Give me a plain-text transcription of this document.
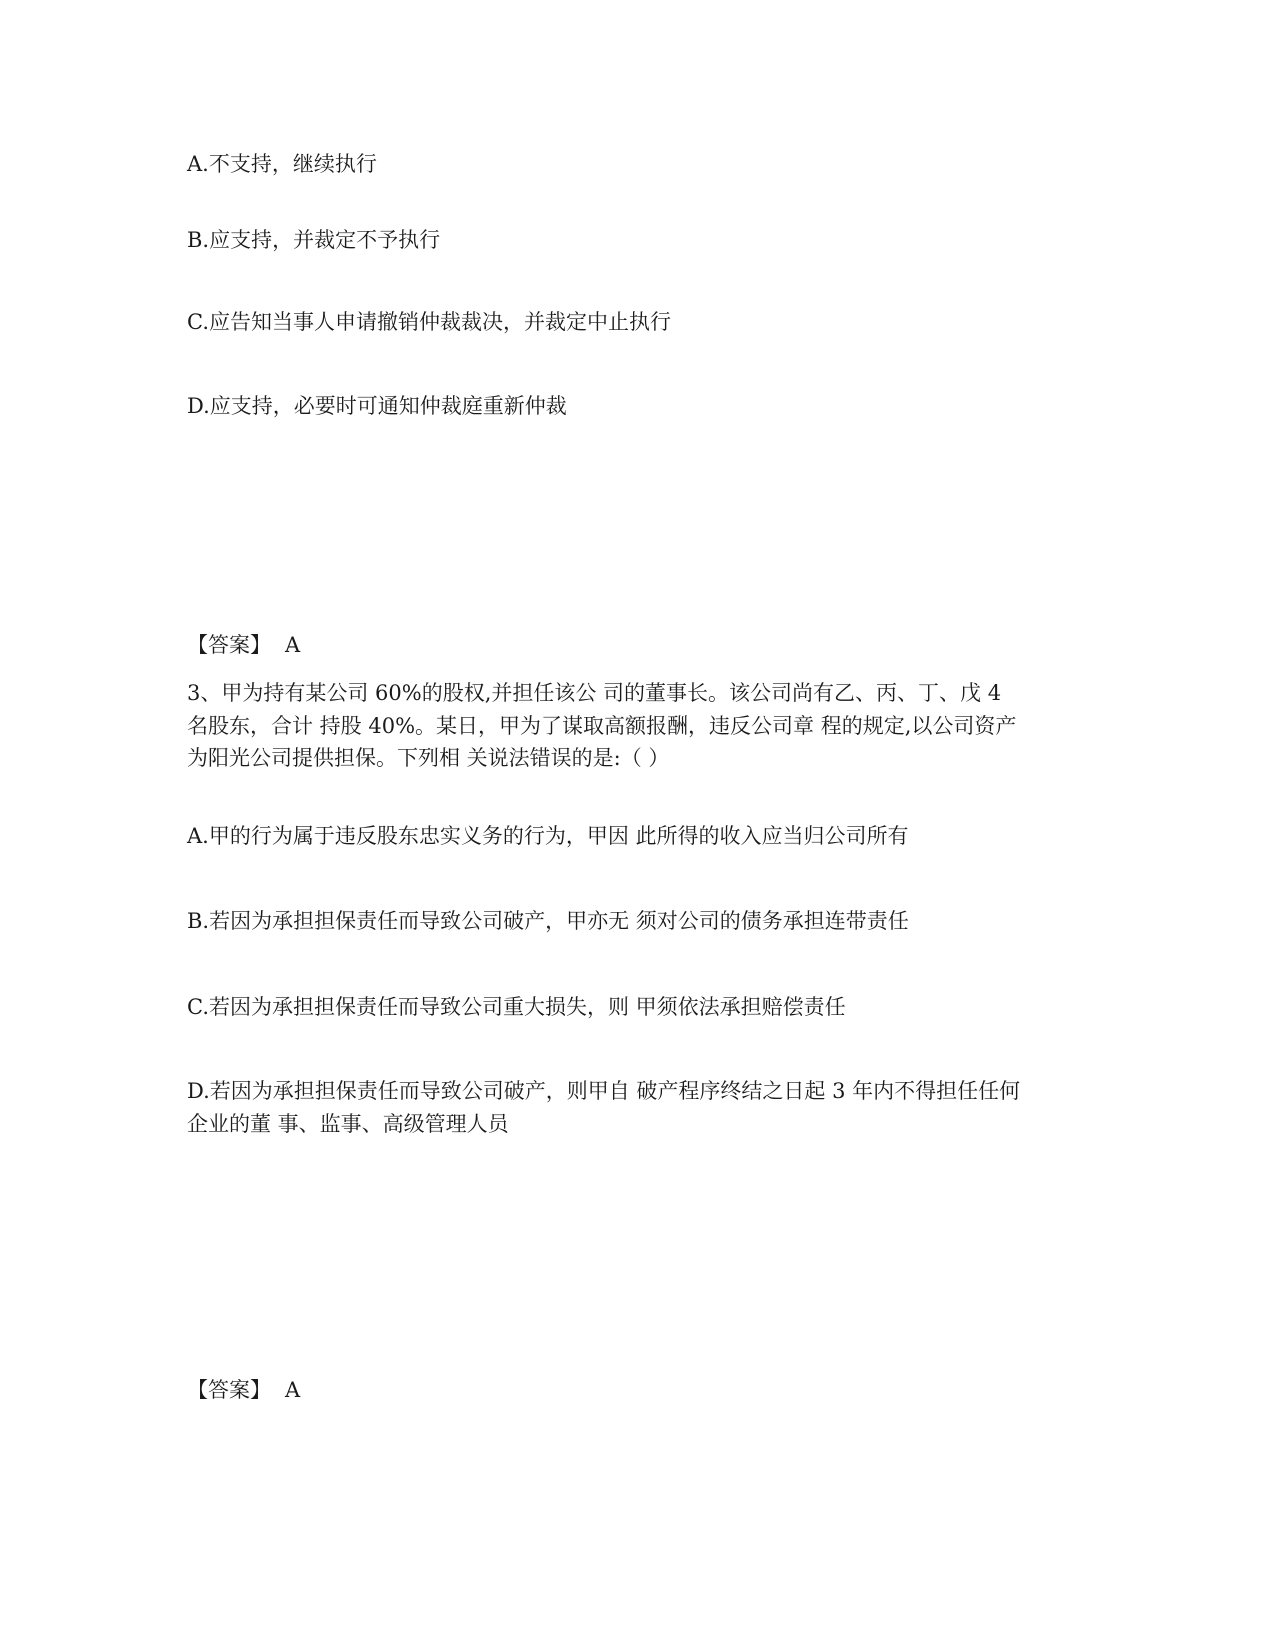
A.不支持，继续执行
B.应支持，并裁定不予执行
C.应告知当事人申请撤销仲裁裁决，并裁定中止执行
D.应支持，必要时可通知仲裁庭重新仲裁
【答案】 A
3、甲为持有某公司 60%的股权,并担任该公 司的董事长。该公司尚有乙、丙、丁、戊 4
名股东，合计 持股 40%。某日，甲为了谋取高额报酬，违反公司章 程的规定,以公司资产
为阳光公司提供担保。下列相 关说法错误的是:（ ）
A.甲的行为属于违反股东忠实义务的行为，甲因 此所得的收入应当归公司所有
B.若因为承担担保责任而导致公司破产，甲亦无 须对公司的债务承担连带责任
C.若因为承担担保责任而导致公司重大损失，则 甲须依法承担赔偿责任
D.若因为承担担保责任而导致公司破产，则甲自 破产程序终结之日起 3 年内不得担任任何
企业的董 事、监事、高级管理人员
【答案】 A
